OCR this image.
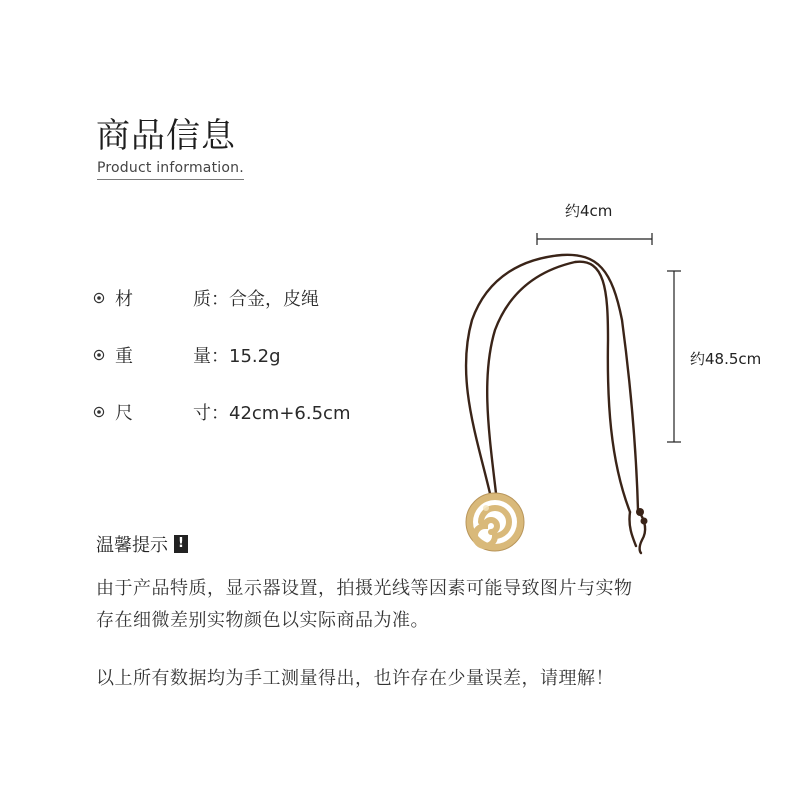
商品信息
Product information.
材	质 ：合金，皮绳
重	量 ：15.2g
尺	寸 ：42cm+6.5cm
约4cm
约48.5cm
温馨提示 !
由于产品特质，显示器设置，拍摄光线等因素可能导致图片与实物
存在细微差别实物颜色以实际商品为准。
以上所有数据均为手工测量得出，也许存在少量误差，请理解！
